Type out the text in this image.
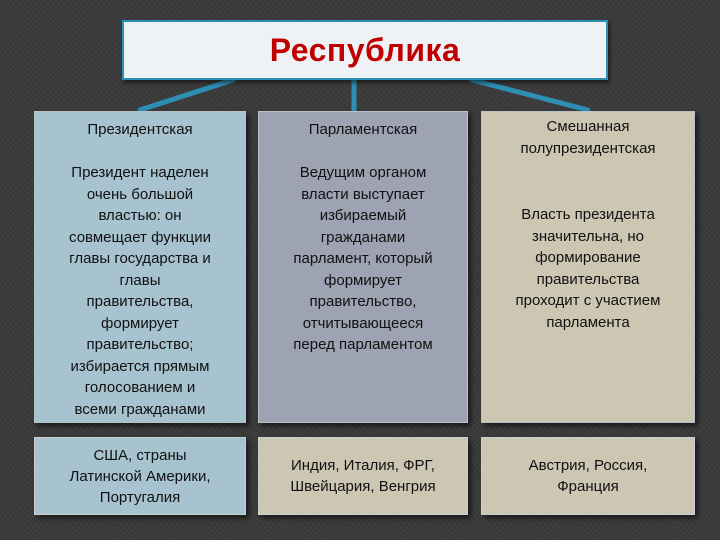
Республика
Президентская
Президент наделен
очень большой
властью: он
совмещает функции
главы государства и
главы
правительства,
формирует
правительство;
избирается прямым
голосованием и
всеми гражданами
Парламентская
Ведущим органом
власти выступает
избираемый
гражданами
парламент, который
формирует
правительство,
отчитывающееся
перед парламентом
Смешанная
полупрезидентская
Власть президента
значительна, но
формирование
правительства
проходит с участием
парламента
США, страны
Латинской Америки,
Португалия
Индия, Италия, ФРГ,
Швейцария, Венгрия
Австрия, Россия,
Франция
